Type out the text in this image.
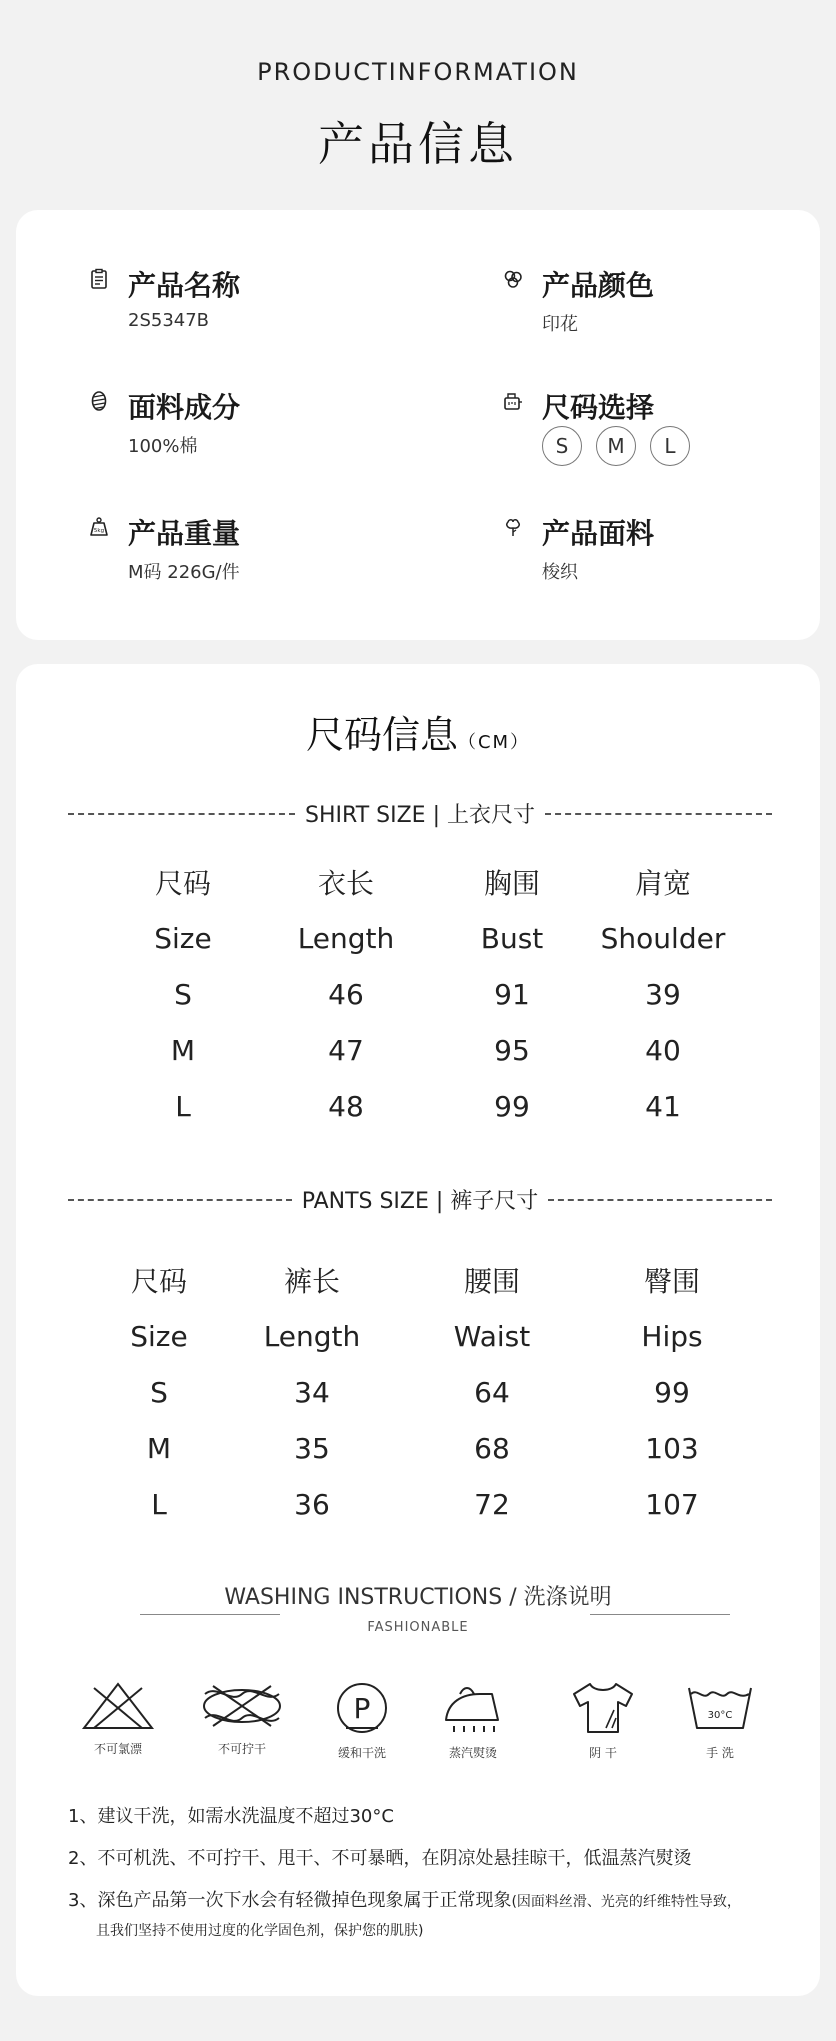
PRODUCTINFORMATION
产品信息
产品名称
2S5347B
产品颜色
印花
面料成分
100%棉
尺码选择
S	M	L
5kg 产品重量
M码 226G/件
产品面料
梭织
尺码信息（CM）
SHIRT SIZE | 上衣尺寸
尺码	衣长	胸围	肩宽
Size	Length	Bust	Shoulder
S	46	91	39
M	47	95	40
L	48	99	41
PANTS SIZE | 裤子尺寸
尺码	裤长	腰围	臀围
Size	Length	Waist	Hips
S	34	64	99
M	35	68	103
L	36	72	107
WASHING INSTRUCTIONS / 洗涤说明
FASHIONABLE
不可氯漂	不可拧干
P
缓和干洗	蒸汽熨烫	阴 干
30°C
手 洗
1、建议干洗，如需水洗温度不超过30°C
2、不可机洗、不可拧干、甩干、不可暴晒，在阴凉处悬挂晾干，低温蒸汽熨烫
3、深色产品第一次下水会有轻微掉色现象属于正常现象(因面料丝滑、光亮的纤维特性导致，
且我们坚持不使用过度的化学固色剂，保护您的肌肤)
